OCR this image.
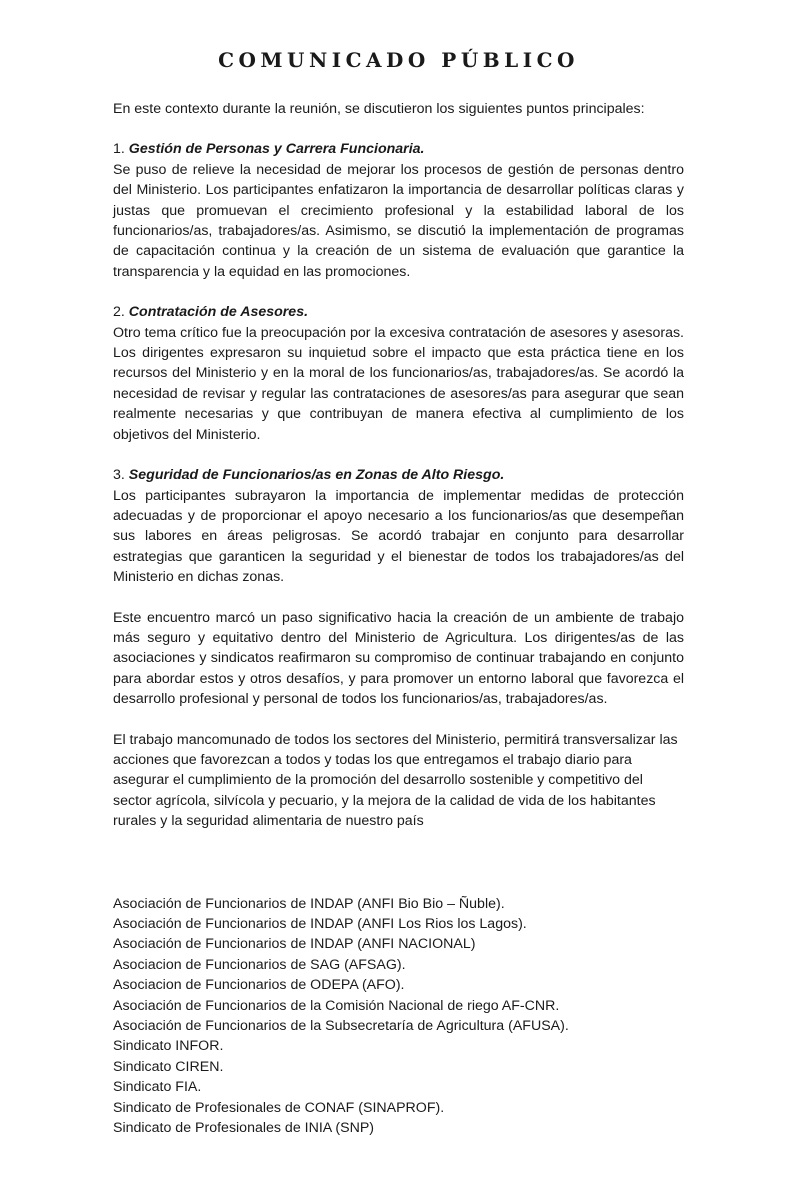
COMUNICADO PÚBLICO

En este contexto durante la reunión, se discutieron los siguientes puntos principales:

1. Gestión de Personas y Carrera Funcionaria.

Se puso de relieve la necesidad de mejorar los procesos de gestión de personas dentro del Ministerio. Los participantes enfatizaron la importancia de desarrollar políticas claras y justas que promuevan el crecimiento profesional y la estabilidad laboral de los funcionarios/as, trabajadores/as. Asimismo, se discutió la implementación de programas de capacitación continua y la creación de un sistema de evaluación que garantice la transparencia y la equidad en las promociones.

2. Contratación de Asesores.

Otro tema crítico fue la preocupación por la excesiva contratación de asesores y asesoras. Los dirigentes expresaron su inquietud sobre el impacto que esta práctica tiene en los recursos del Ministerio y en la moral de los funcionarios/as, trabajadores/as. Se acordó la necesidad de revisar y regular las contrataciones de asesores/as para asegurar que sean realmente necesarias y que contribuyan de manera efectiva al cumplimiento de los objetivos del Ministerio.

3. Seguridad de Funcionarios/as en Zonas de Alto Riesgo.

Los participantes subrayaron la importancia de implementar medidas de protección adecuadas y de proporcionar el apoyo necesario a los funcionarios/as que desempeñan sus labores en áreas peligrosas. Se acordó trabajar en conjunto para desarrollar estrategias que garanticen la seguridad y el bienestar de todos los trabajadores/as del Ministerio en dichas zonas.

Este encuentro marcó un paso significativo hacia la creación de un ambiente de trabajo más seguro y equitativo dentro del Ministerio de Agricultura. Los dirigentes/as de las asociaciones y sindicatos reafirmaron su compromiso de continuar trabajando en conjunto para abordar estos y otros desafíos, y para promover un entorno laboral que favorezca el desarrollo profesional y personal de todos los funcionarios/as, trabajadores/as.

El trabajo mancomunado de todos los sectores del Ministerio, permitirá transversalizar las acciones que favorezcan a todos y todas los que entregamos el trabajo diario para asegurar el cumplimiento de la promoción del desarrollo sostenible y competitivo del sector agrícola, silvícola y pecuario, y la mejora de la calidad de vida de los habitantes rurales y la seguridad alimentaria de nuestro país

Asociación de Funcionarios de INDAP (ANFI Bio Bio – Ñuble).
Asociación de Funcionarios de INDAP (ANFI Los Rios los Lagos).
Asociación de Funcionarios de INDAP (ANFI NACIONAL)
Asociacion de Funcionarios de SAG (AFSAG).
Asociacion de Funcionarios de ODEPA (AFO).
Asociación de Funcionarios de la Comisión Nacional de riego AF-CNR.
Asociación de Funcionarios de la Subsecretaría de Agricultura (AFUSA).
Sindicato INFOR.
Sindicato CIREN.
Sindicato FIA.
Sindicato de Profesionales de CONAF (SINAPROF).
Sindicato de Profesionales de INIA (SNP)
